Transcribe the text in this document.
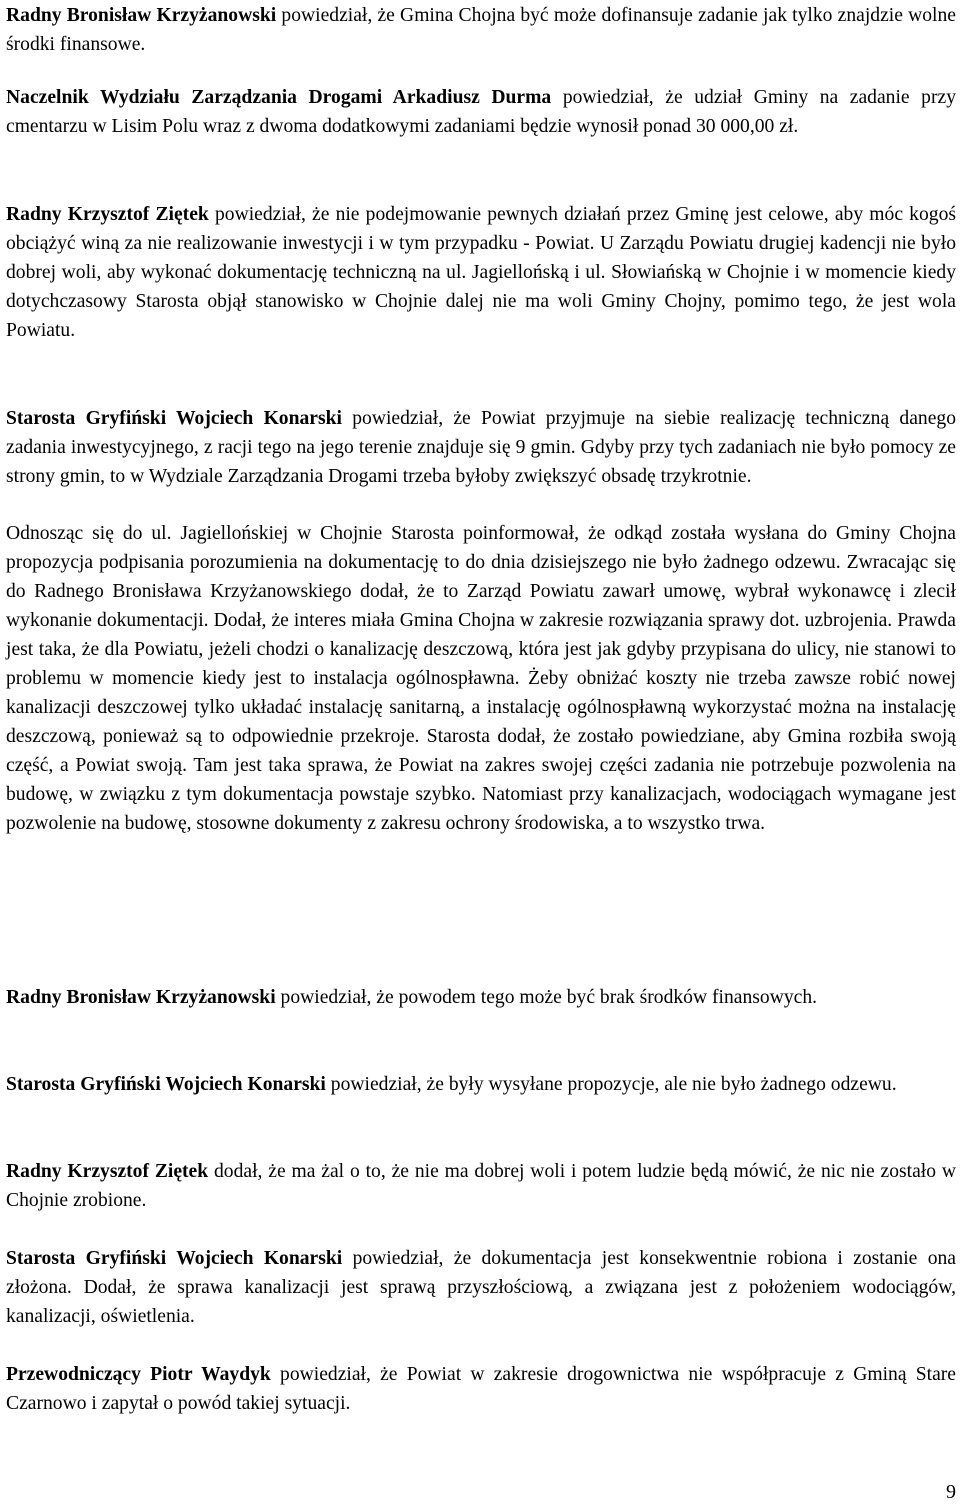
Radny Bronisław Krzyżanowski powiedział, że Gmina Chojna być może dofinansuje zadanie jak tylko znajdzie wolne środki finansowe.

Naczelnik Wydziału Zarządzania Drogami Arkadiusz Durma powiedział, że udział Gminy na zadanie przy cmentarzu w Lisim Polu wraz z dwoma dodatkowymi zadaniami będzie wynosił ponad 30 000,00 zł.

Radny Krzysztof Ziętek powiedział, że nie podejmowanie pewnych działań przez Gminę jest celowe, aby móc kogoś obciążyć winą za nie realizowanie inwestycji i w tym przypadku - Powiat. U Zarządu Powiatu drugiej kadencji nie było dobrej woli, aby wykonać dokumentację techniczną na ul. Jagiellońską i ul. Słowiańską w Chojnie i w momencie kiedy dotychczasowy Starosta objął stanowisko w Chojnie dalej nie ma woli Gminy Chojny, pomimo tego, że jest wola Powiatu.

Starosta Gryfiński Wojciech Konarski powiedział, że Powiat przyjmuje na siebie realizację techniczną danego zadania inwestycyjnego, z racji tego na jego terenie znajduje się 9 gmin. Gdyby przy tych zadaniach nie było pomocy ze strony gmin, to w Wydziale Zarządzania Drogami trzeba byłoby zwiększyć obsadę trzykrotnie.

Odnosząc się do ul. Jagiellońskiej w Chojnie Starosta poinformował, że odkąd została wysłana do Gminy Chojna propozycja podpisania porozumienia na dokumentację to do dnia dzisiejszego nie było żadnego odzewu. Zwracając się do Radnego Bronisława Krzyżanowskiego dodał, że to Zarząd Powiatu zawarł umowę, wybrał wykonawcę i zlecił wykonanie dokumentacji. Dodał, że interes miała Gmina Chojna w zakresie rozwiązania sprawy dot. uzbrojenia. Prawda jest taka, że dla Powiatu, jeżeli chodzi o kanalizację deszczową, która jest jak gdyby przypisana do ulicy, nie stanowi to problemu w momencie kiedy jest to instalacja ogólnospławna. Żeby obniżać koszty nie trzeba zawsze robić nowej kanalizacji deszczowej tylko układać instalację sanitarną, a instalację ogólnospławną wykorzystać można na instalację deszczową, ponieważ są to odpowiednie przekroje. Starosta dodał, że zostało powiedziane, aby Gmina rozbiła swoją część, a Powiat swoją. Tam jest taka sprawa, że Powiat na zakres swojej części zadania nie potrzebuje pozwolenia na budowę, w związku z tym dokumentacja powstaje szybko. Natomiast przy kanalizacjach, wodociągach wymagane jest pozwolenie na budowę, stosowne dokumenty z zakresu ochrony środowiska, a to wszystko trwa.

Radny Bronisław Krzyżanowski powiedział, że powodem tego może być brak środków finansowych.

Starosta Gryfiński Wojciech Konarski powiedział, że były wysyłane propozycje, ale nie było żadnego odzewu.

Radny Krzysztof Ziętek dodał, że ma żal o to, że nie ma dobrej woli i potem ludzie będą mówić, że nic nie zostało w Chojnie zrobione.

Starosta Gryfiński Wojciech Konarski powiedział, że dokumentacja jest konsekwentnie robiona i zostanie ona złożona. Dodał, że sprawa kanalizacji jest sprawą przyszłościową, a związana jest z położeniem wodociągów, kanalizacji, oświetlenia.

Przewodniczący Piotr Waydyk powiedział, że Powiat w zakresie drogownictwa nie współpracuje z Gminą Stare Czarnowo i zapytał o powód takiej sytuacji.

9
